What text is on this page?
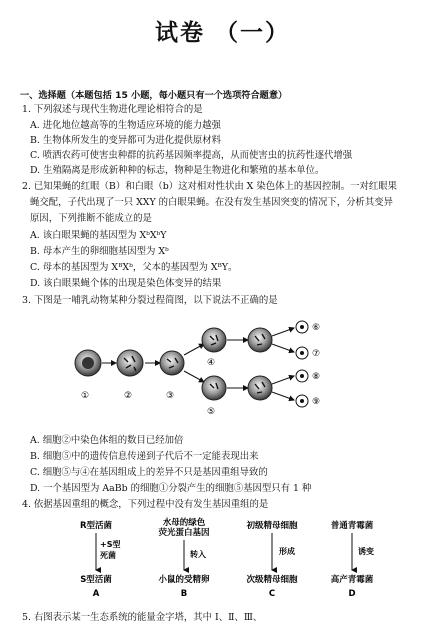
试卷 （一）
一、选择题（本题包括 15 小题，每小题只有一个选项符合题意）
1. 下列叙述与现代生物进化理论相符合的是
A. 进化地位越高等的生物适应环境的能力越强
B. 生物体所发生的变异都可为进化提供原材料
C. 喷洒农药可使害虫种群的抗药基因频率提高，从而使害虫的抗药性逐代增强
D. 生殖隔离是形成新种种的标志，物种是生物进化和繁殖的基本单位。
2. 已知果蝇的红眼（B）和白眼（b）这对相对性状由 X 染色体上的基因控制。一对红眼果
蝇交配，子代出现了一只 XXY 的白眼果蝇。在没有发生基因突变的情况下，分析其变异
原因，下列推断不能成立的是
A. 该白眼果蝇的基因型为 XᵇXᵇY
B. 母本产生的卵细胞基因型为 Xᵇ
C. 母本的基因型为 XᴮXᵇ，父本的基因型为 XᴮY。
D. 该白眼果蝇个体的出现是染色体变异的结果
3. 下图是一哺乳动物某种分裂过程简图，以下说法不正确的是
①	②	③
④
⑤
⑥
⑦
⑧
⑨
A. 细胞②中染色体组的数目已经加倍
B. 细胞⑤中的遗传信息传递到子代后不一定能表现出来
C. 细胞⑤与④在基因组成上的差异不只是基因重组导致的
D. 一个基因型为 AaBb 的细胞①分裂产生的细胞⑤基因型只有 1 种
4. 依据基因重组的概念，下列过程中没有发生基因重组的是
R型活菌
+S型
死菌
S型活菌
A
水母的绿色
荧光蛋白基因
转入
小鼠的受精卵
B
初级精母细胞
形成
次级精母细胞
C
普通青霉菌
诱变
高产青霉菌
D
5. 右图表示某一生态系统的能量金字塔，其中 Ⅰ、Ⅱ、Ⅲ、
